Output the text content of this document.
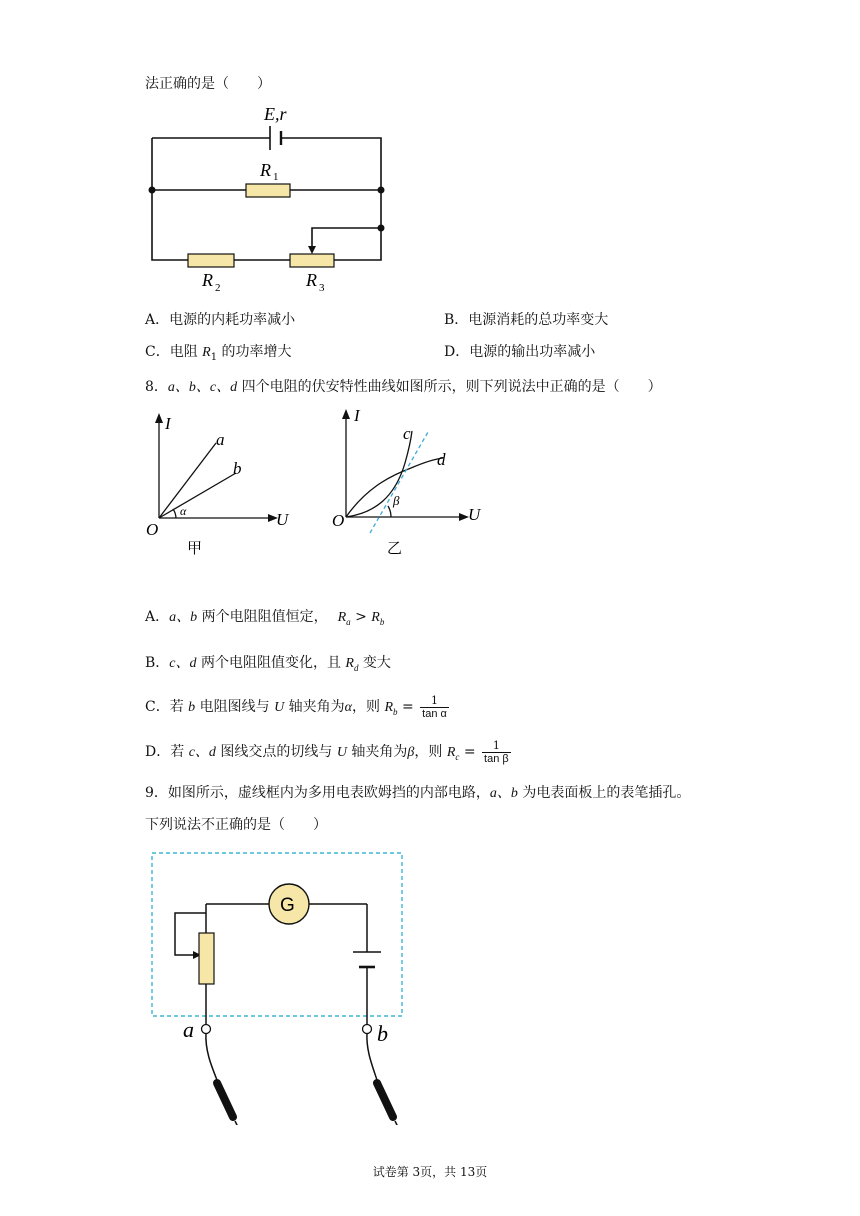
法正确的是（　　）
E,r
R 1
R 2	R 3
A．电源的内耗功率减小	B．电源消耗的总功率变大
C．电阻 $R_1$ 的功率增大	D．电源的输出功率减小
8．a、b、c、d 四个电阻的伏安特性曲线如图所示，则下列说法中正确的是（　　）
I
U
O
a
b
α
甲
I
U
O
c
d
β
乙
A．a、b 两个电阻阻值恒定， $R_a > R_b$
B．c、d 两个电阻阻值变化，且 $R_d$ 变大
C．若 b 电阻图线与 U 轴夹角为α，则 $R_b = \frac{1}{\text{tan α}}$
D．若 c、d 图线交点的切线与 U 轴夹角为β，则 $R_c = \frac{1}{\text{tan β}}$
9．如图所示，虚线框内为多用电表欧姆挡的内部电路，a、b 为电表面板上的表笔插孔。
下列说法不正确的是（　　）
G
a	b
试卷第 3页，共 13页
